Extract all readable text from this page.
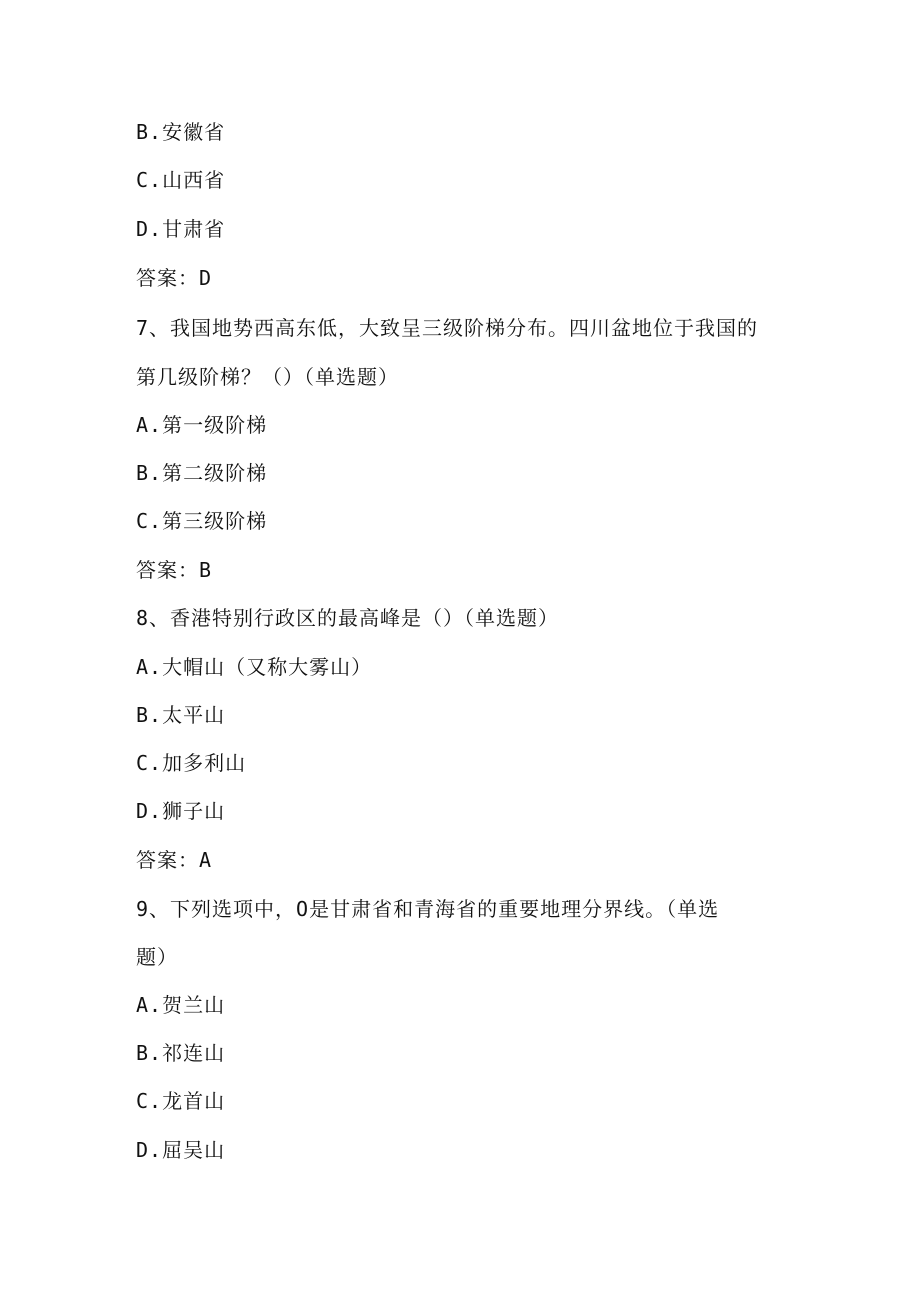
B.安徽省
C.山西省
D.甘肃省
答案：D
7、我国地势西高东低，大致呈三级阶梯分布。四川盆地位于我国的
第几级阶梯？（）（单选题）
A.第一级阶梯
B.第二级阶梯
C.第三级阶梯
答案：B
8、香港特别行政区的最高峰是（）（单选题）
A.大帽山（又称大雾山）
B.太平山
C.加多利山
D.狮子山
答案：A
9、下列选项中，O是甘肃省和青海省的重要地理分界线。（单选
题）
A.贺兰山
B.祁连山
C.龙首山
D.屈吴山
